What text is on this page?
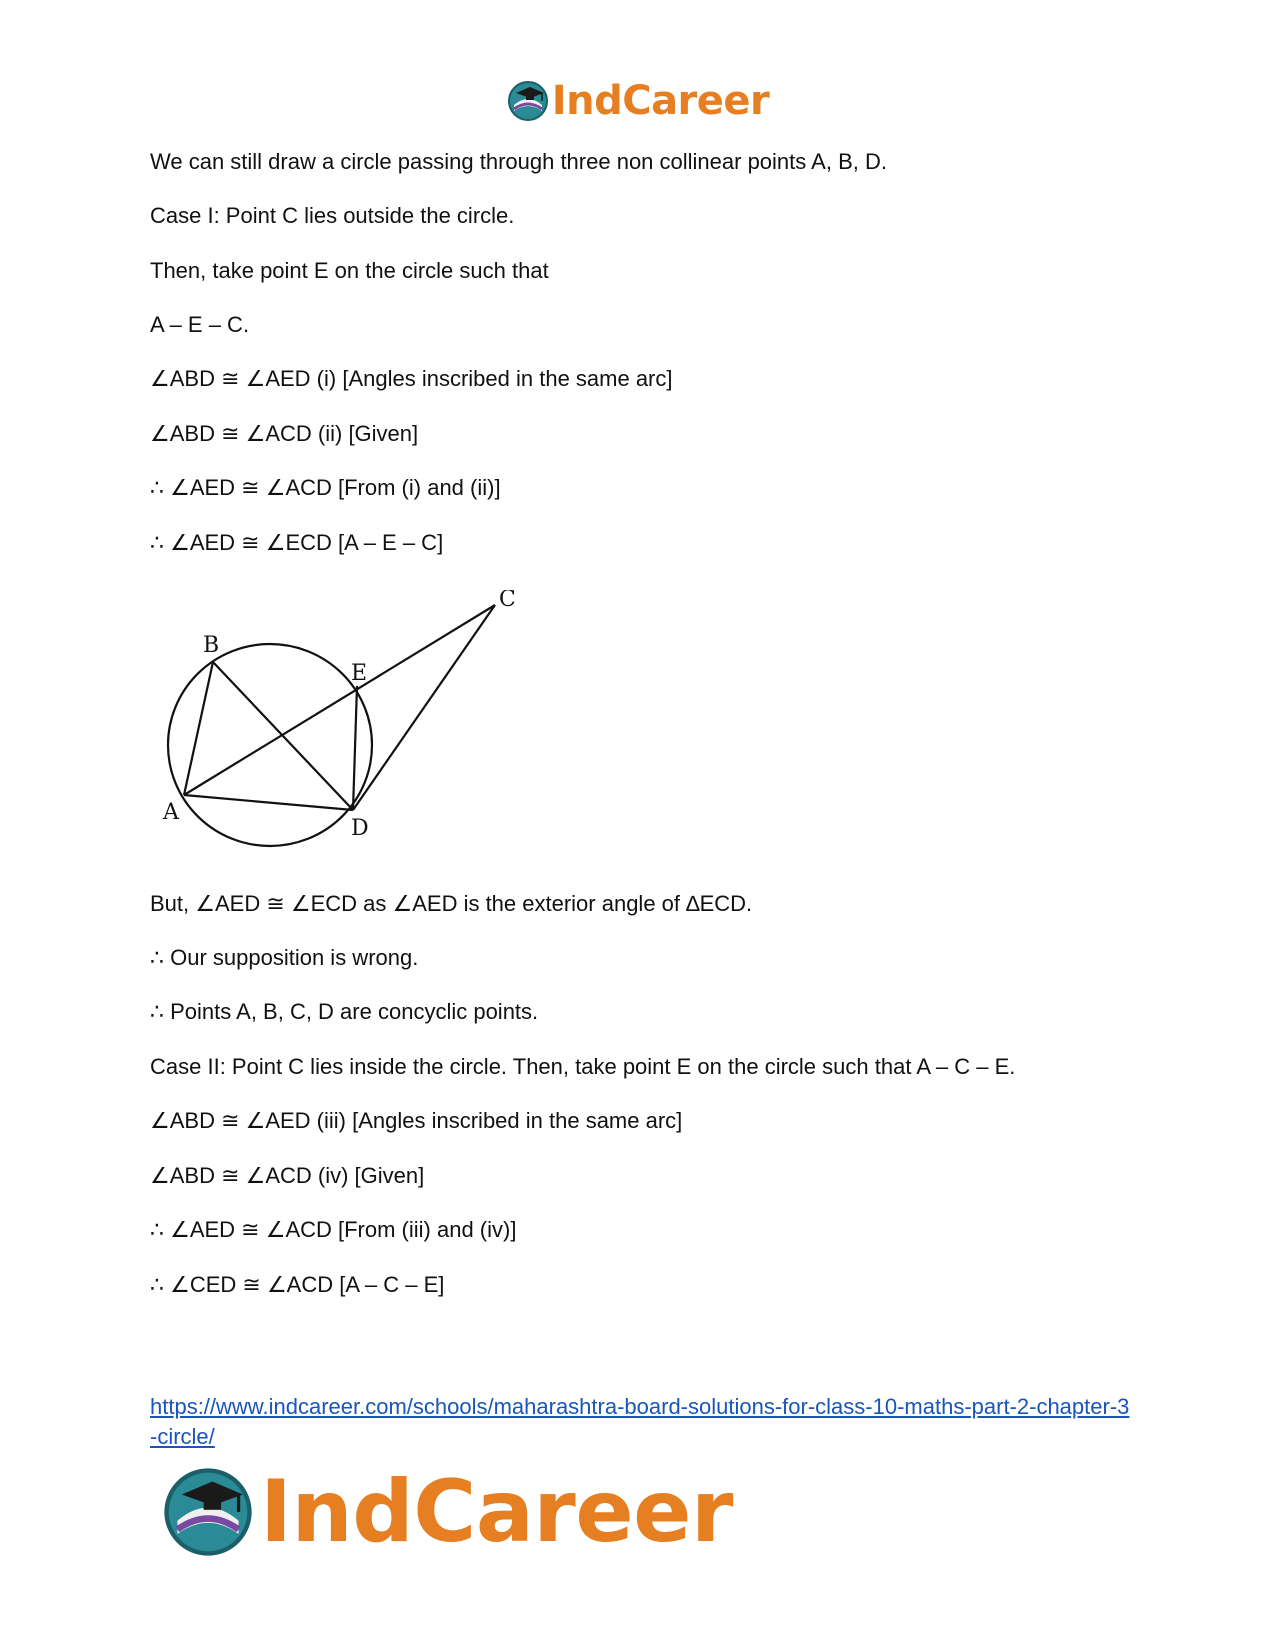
IndCareer

We can still draw a circle passing through three non collinear points A, B, D.

Case I: Point C lies outside the circle.

Then, take point E on the circle such that

A – E – C.

∠ABD ≅ ∠AED (i) [Angles inscribed in the same arc]

∠ABD ≅ ∠ACD (ii) [Given]

∴ ∠AED ≅ ∠ACD [From (i) and (ii)]

∴ ∠AED ≅ ∠ECD [A – E – C]

B
E
C
A
D

But, ∠AED ≅ ∠ECD as ∠AED is the exterior angle of ∆ECD.

∴ Our supposition is wrong.

∴ Points A, B, C, D are concyclic points.

Case II: Point C lies inside the circle. Then, take point E on the circle such that A – C – E.

∠ABD ≅ ∠AED (iii) [Angles inscribed in the same arc]

∠ABD ≅ ∠ACD (iv) [Given]

∴ ∠AED ≅ ∠ACD [From (iii) and (iv)]

∴ ∠CED ≅ ∠ACD [A – C – E]

https://www.indcareer.com/schools/maharashtra-board-solutions-for-class-10-maths-part-2-chapter-3-circle/
IndCareer
